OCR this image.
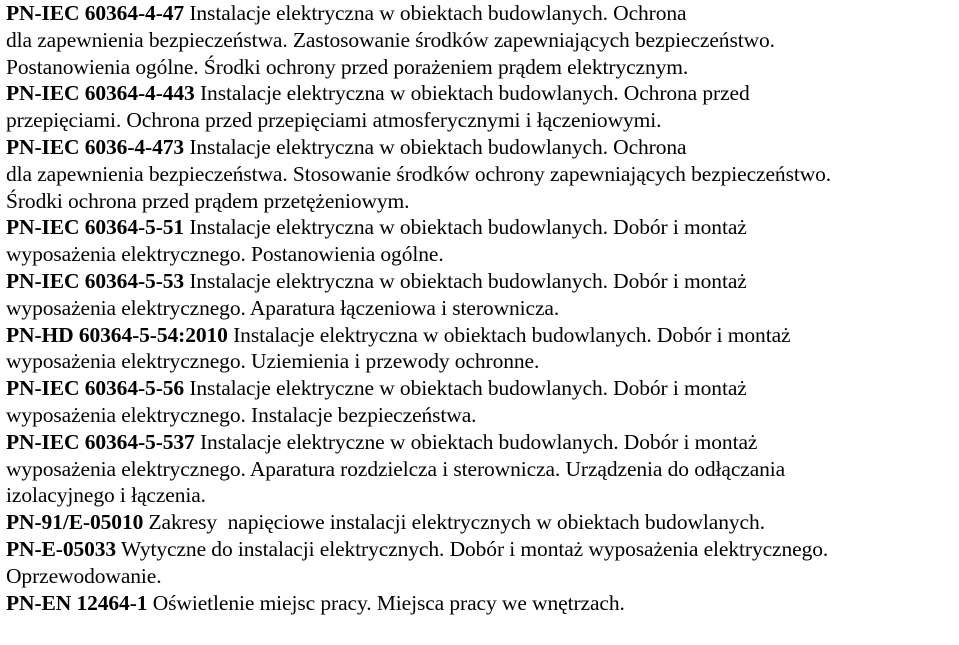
PN-IEC 60364-4-47 Instalacje elektryczna w obiektach budowlanych. Ochrona
dla zapewnienia bezpieczeństwa. Zastosowanie środków zapewniających bezpieczeństwo.
Postanowienia ogólne. Środki ochrony przed porażeniem prądem elektrycznym.
PN-IEC 60364-4-443 Instalacje elektryczna w obiektach budowlanych. Ochrona przed
przepięciami. Ochrona przed przepięciami atmosferycznymi i łączeniowymi.
PN-IEC 6036-4-473 Instalacje elektryczna w obiektach budowlanych. Ochrona
dla zapewnienia bezpieczeństwa. Stosowanie środków ochrony zapewniających bezpieczeństwo.
Środki ochrona przed prądem przetężeniowym.
PN-IEC 60364-5-51 Instalacje elektryczna w obiektach budowlanych. Dobór i montaż
wyposażenia elektrycznego. Postanowienia ogólne.
PN-IEC 60364-5-53 Instalacje elektryczna w obiektach budowlanych. Dobór i montaż
wyposażenia elektrycznego. Aparatura łączeniowa i sterownicza.
PN-HD 60364-5-54:2010 Instalacje elektryczna w obiektach budowlanych. Dobór i montaż
wyposażenia elektrycznego. Uziemienia i przewody ochronne.
PN-IEC 60364-5-56 Instalacje elektryczne w obiektach budowlanych. Dobór i montaż
wyposażenia elektrycznego. Instalacje bezpieczeństwa.
PN-IEC 60364-5-537 Instalacje elektryczne w obiektach budowlanych. Dobór i montaż
wyposażenia elektrycznego. Aparatura rozdzielcza i sterownicza. Urządzenia do odłączania
izolacyjnego i łączenia.
PN-91/E-05010 Zakresy  napięciowe instalacji elektrycznych w obiektach budowlanych.
PN-E-05033 Wytyczne do instalacji elektrycznych. Dobór i montaż wyposażenia elektrycznego.
Oprzewodowanie.
PN-EN 12464-1 Oświetlenie miejsc pracy. Miejsca pracy we wnętrzach.
